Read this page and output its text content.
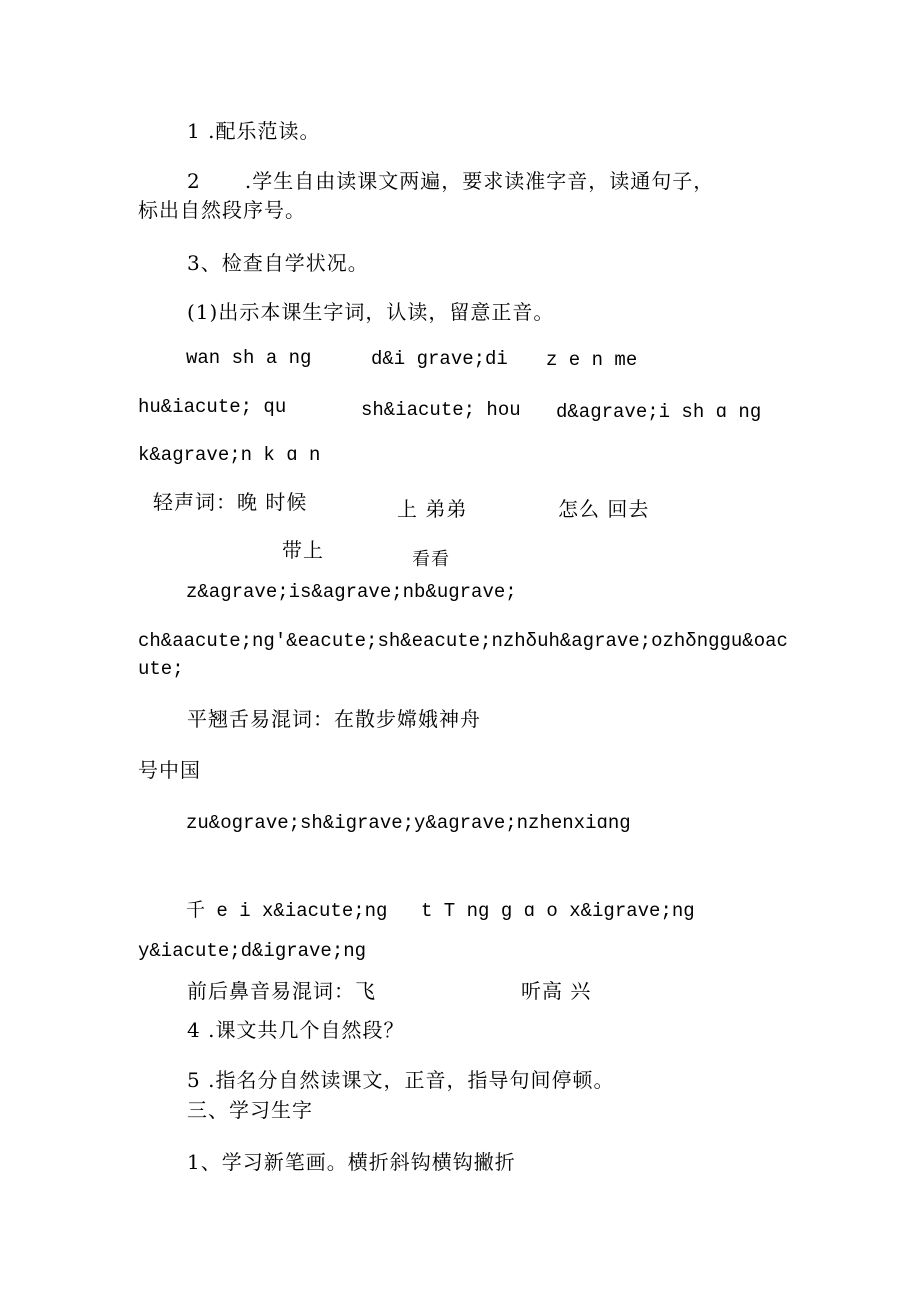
1 .配乐范读。
2      .学生自由读课文两遍，要求读准字音，读通句子，
标出自然段序号。
3、检查自学状况。
(1)出示本课生字词，认读，留意正音。
wan sh a ng	d&i grave;di z e n me
hu&iacute; qu	sh&iacute; hou d&agrave;i sh ɑ ng
k&agrave;n k ɑ n
轻声词：晚 时候	上 弟弟	怎么 回去
带上	看看
z&agrave;is&agrave;nb&ugrave;
ch&aacute;ng'&eacute;sh&eacute;nzhδuh&agrave;ozhδnggu&oac
ute;
平翘舌易混词：在散步嫦娥神舟
号中国
zu&ograve;sh&igrave;y&agrave;nzhenxiɑng
千 e i x&iacute;ng t T ng g ɑ o x&igrave;ng
y&iacute;d&igrave;ng
前后鼻音易混词：飞	听高 兴
4 .课文共几个自然段？
5 .指名分自然读课文，正音，指导句间停顿。
三、学习生字
1、学习新笔画。横折斜钩横钩撇折
